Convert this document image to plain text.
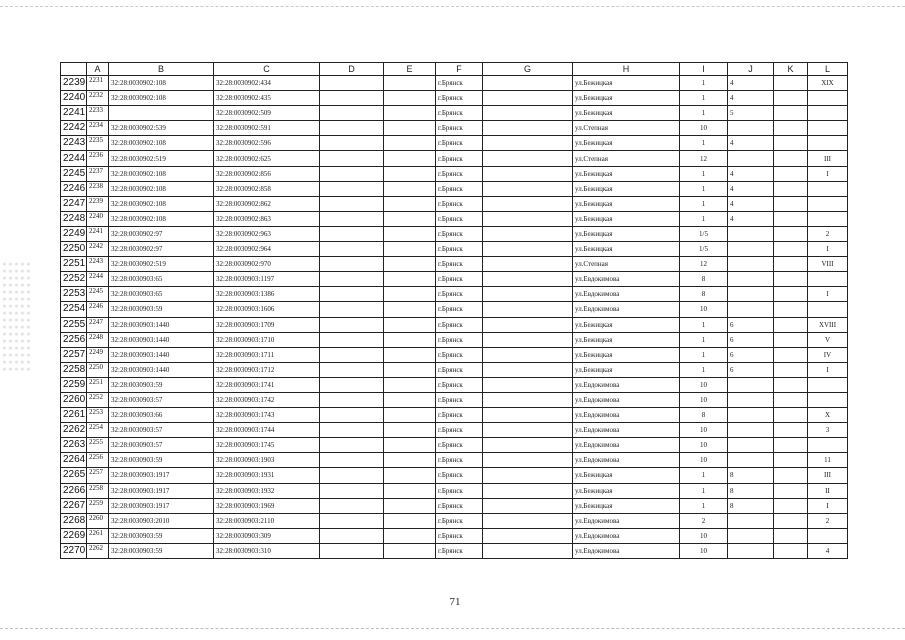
	A	B	C	D	E	F	G	H	I	J	K	L
2239	2231	32:28:0030902:108	32:28:0030902:434			г.Брянск		ул.Бежицкая	1	4		XIX
2240	2232	32:28:0030902:108	32:28:0030902:435			г.Брянск		ул.Бежицкая	1	4		
2241	2233		32:28:0030902:509			г.Брянск		ул.Бежицкая	1	5		
2242	2234	32:28:0030902:539	32:28:0030902:591			г.Брянск		ул.Степная	10			
2243	2235	32:28:0030902:108	32:28:0030902:596			г.Брянск		ул.Бежицкая	1	4		
2244	2236	32:28:0030902:519	32:28:0030902:625			г.Брянск		ул.Степная	12			III
2245	2237	32:28:0030902:108	32:28:0030902:856			г.Брянск		ул.Бежицкая	1	4		I
2246	2238	32:28:0030902:108	32:28:0030902:858			г.Брянск		ул.Бежицкая	1	4		
2247	2239	32:28:0030902:108	32:28:0030902:862			г.Брянск		ул.Бежицкая	1	4		
2248	2240	32:28:0030902:108	32:28:0030902:863			г.Брянск		ул.Бежицкая	1	4		
2249	2241	32:28:0030902:97	32:28:0030902:963			г.Брянск		ул.Бежицкая	1/5			2
2250	2242	32:28:0030902:97	32:28:0030902:964			г.Брянск		ул.Бежицкая	1/5			I
2251	2243	32:28:0030902:519	32:28:0030902:970			г.Брянск		ул.Степная	12			VIII
2252	2244	32:28:0030903:65	32:28:0030903:1197			г.Брянск		ул.Евдокимова	8			
2253	2245	32:28:0030903:65	32:28:0030903:1386			г.Брянск		ул.Евдокимова	8			I
2254	2246	32:28:0030903:59	32:28:0030903:1606			г.Брянск		ул.Евдокимова	10			
2255	2247	32:28:0030903:1440	32:28:0030903:1709			г.Брянск		ул.Бежицкая	1	6		XVIII
2256	2248	32:28:0030903:1440	32:28:0030903:1710			г.Брянск		ул.Бежицкая	1	6		V
2257	2249	32:28:0030903:1440	32:28:0030903:1711			г.Брянск		ул.Бежицкая	1	6		IV
2258	2250	32:28:0030903:1440	32:28:0030903:1712			г.Брянск		ул.Бежицкая	1	6		I
2259	2251	32:28:0030903:59	32:28:0030903:1741			г.Брянск		ул.Евдокимова	10			
2260	2252	32:28:0030903:57	32:28:0030903:1742			г.Брянск		ул.Евдокимова	10			
2261	2253	32:28:0030903:66	32:28:0030903:1743			г.Брянск		ул.Евдокимова	8			X
2262	2254	32:28:0030903:57	32:28:0030903:1744			г.Брянск		ул.Евдокимова	10			3
2263	2255	32:28:0030903:57	32:28:0030903:1745			г.Брянск		ул.Евдокимова	10			
2264	2256	32:28:0030903:59	32:28:0030903:1903			г.Брянск		ул.Евдокимова	10			11
2265	2257	32:28:0030903:1917	32:28:0030903:1931			г.Брянск		ул.Бежицкая	1	8		III
2266	2258	32:28:0030903:1917	32:28:0030903:1932			г.Брянск		ул.Бежицкая	1	8		II
2267	2259	32:28:0030903:1917	32:28:0030903:1969			г.Брянск		ул.Бежицкая	1	8		I
2268	2260	32:28:0030903:2010	32:28:0030903:2110			г.Брянск		ул.Евдокимова	2			2
2269	2261	32:28:0030903:59	32:28:0030903:309			г.Брянск		ул.Евдокимова	10			
2270	2262	32:28:0030903:59	32:28:0030903:310			г.Брянск		ул.Евдокимова	10			4
71
